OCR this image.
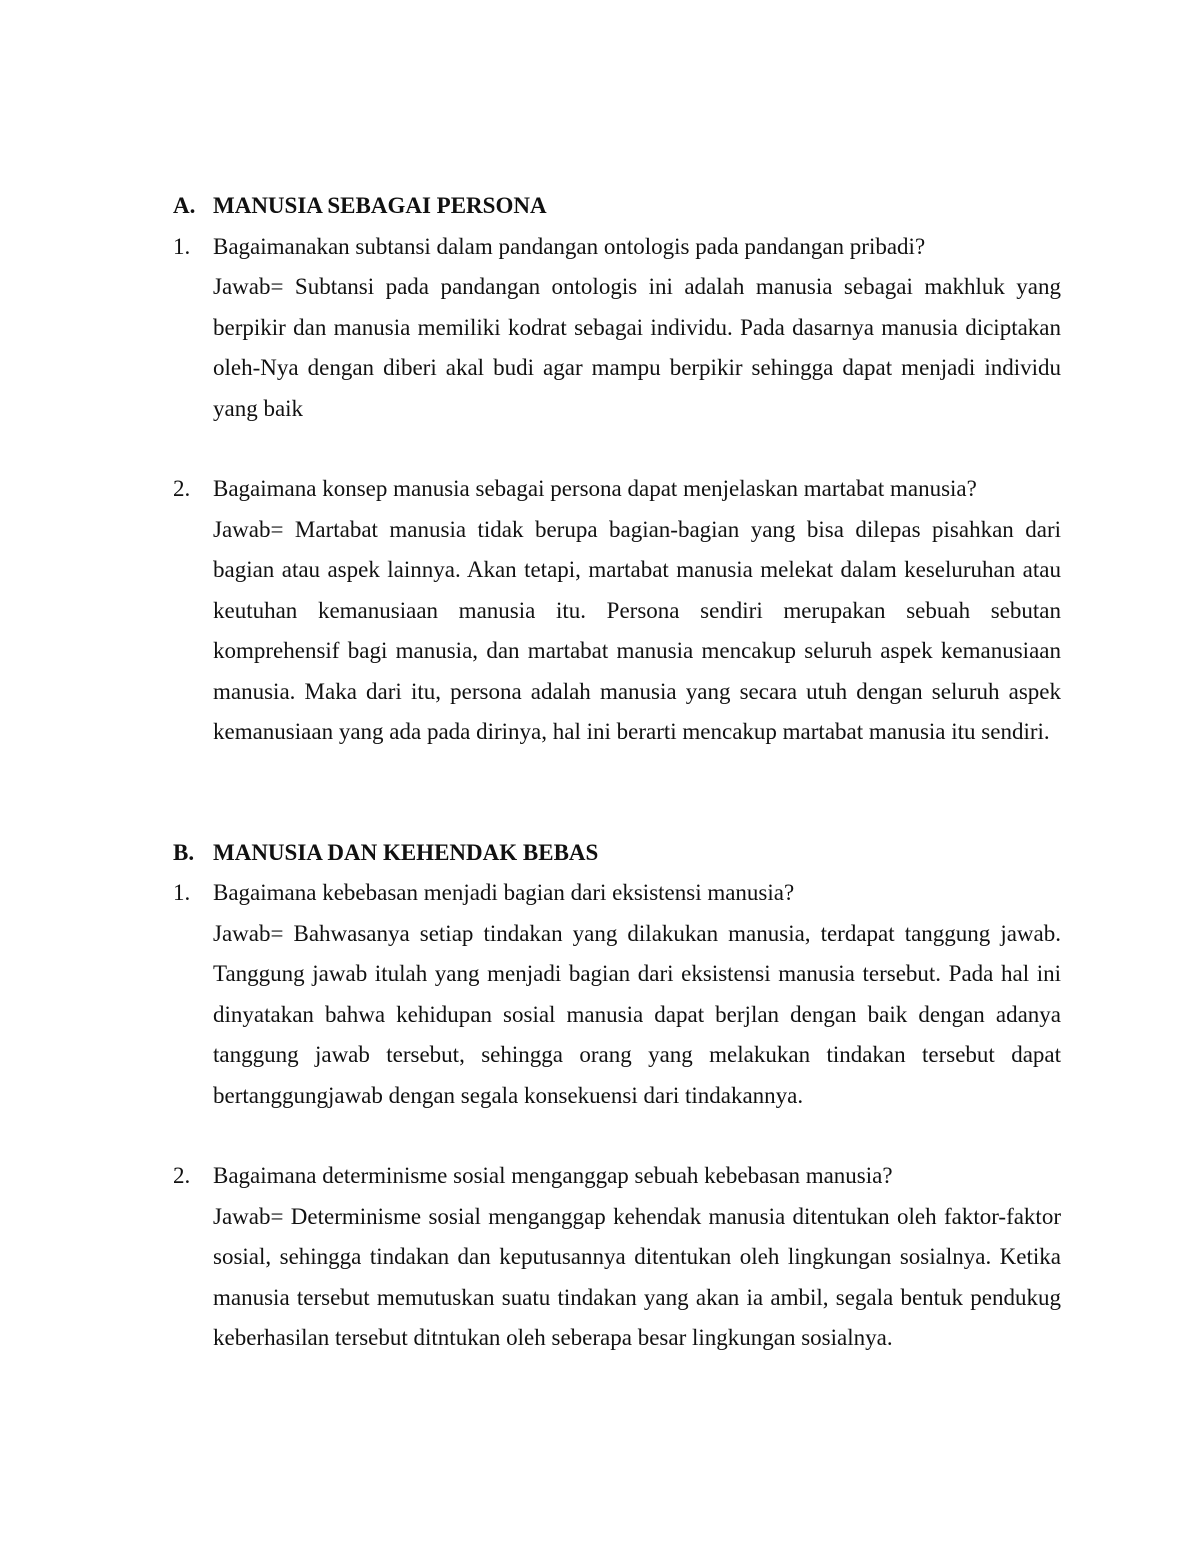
A. MANUSIA SEBAGAI PERSONA
1. Bagaimanakan subtansi dalam pandangan ontologis pada pandangan pribadi?
Jawab= Subtansi pada pandangan ontologis ini adalah manusia sebagai makhluk yang berpikir dan manusia memiliki kodrat sebagai individu. Pada dasarnya manusia diciptakan oleh-Nya dengan diberi akal budi agar mampu berpikir sehingga dapat menjadi individu yang baik
2. Bagaimana konsep manusia sebagai persona dapat menjelaskan martabat manusia?
Jawab= Martabat manusia tidak berupa bagian-bagian yang bisa dilepas pisahkan dari bagian atau aspek lainnya. Akan tetapi, martabat manusia melekat dalam keseluruhan atau keutuhan kemanusiaan manusia itu. Persona sendiri merupakan sebuah sebutan komprehensif bagi manusia, dan martabat manusia mencakup seluruh aspek kemanusiaan manusia. Maka dari itu, persona adalah manusia yang secara utuh dengan seluruh aspek kemanusiaan yang ada pada dirinya, hal ini berarti mencakup martabat manusia itu sendiri.
B. MANUSIA DAN KEHENDAK BEBAS
1. Bagaimana kebebasan menjadi bagian dari eksistensi manusia?
Jawab= Bahwasanya setiap tindakan yang dilakukan manusia, terdapat tanggung jawab. Tanggung jawab itulah yang menjadi bagian dari eksistensi manusia tersebut. Pada hal ini dinyatakan bahwa kehidupan sosial manusia dapat berjlan dengan baik dengan adanya tanggung jawab tersebut, sehingga orang yang melakukan tindakan tersebut dapat bertanggungjawab dengan segala konsekuensi dari tindakannya.
2. Bagaimana determinisme sosial menganggap sebuah kebebasan manusia?
Jawab= Determinisme sosial menganggap kehendak manusia ditentukan oleh faktor-faktor sosial, sehingga tindakan dan keputusannya ditentukan oleh lingkungan sosialnya. Ketika manusia tersebut memutuskan suatu tindakan yang akan ia ambil, segala bentuk pendukug keberhasilan tersebut ditntukan oleh seberapa besar lingkungan sosialnya.
